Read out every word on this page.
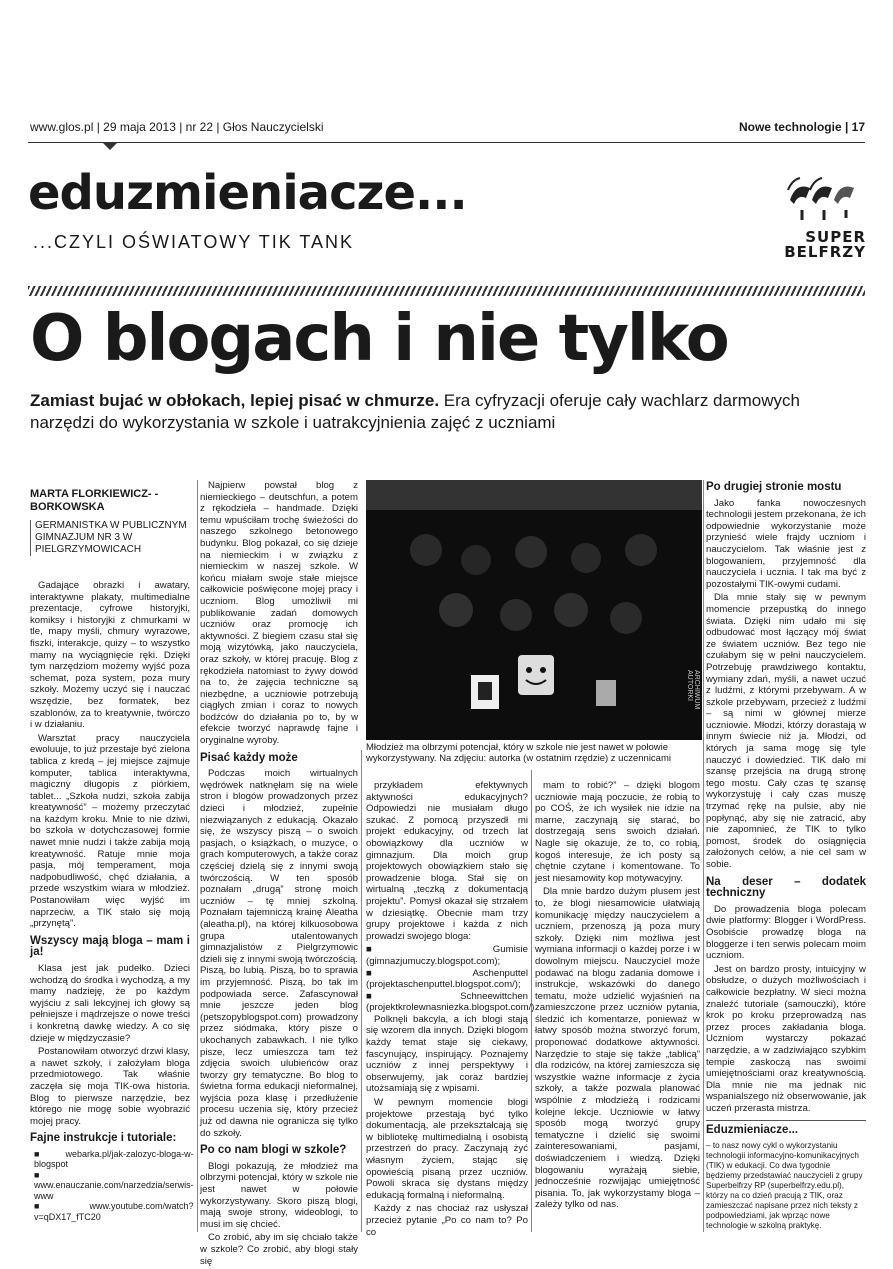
www.glos.pl | 29 maja 2013 | nr 22 | Głos Nauczycielski	Nowe technologie | 17
eduzmieniacze...
...CZYLI OŚWIATOWY TIK TANK	SUPER
BELFRZY
O blogach i nie tylko
Zamiast bujać w obłokach, lepiej pisać w chmurze. Era cyfryzacji oferuje cały wachlarz darmowych narzędzi do wykorzystania w szkole i uatrakcyjnienia zajęć z uczniami
MARTA FLORKIEWICZ- -BORKOWSKA
GERMANISTKA W PUBLICZNYM GIMNAZJUM NR 3 W PIELGRZYMOWICACH

Gadające obrazki i awatary, interaktywne plakaty, multimedialne prezentacje, cyfrowe historyjki, komiksy i historyjki z chmurkami w tle, mapy myśli, chmury wyrazowe, fiszki, interakcje, quizy – to wszystko mamy na wyciągnięcie ręki. Dzięki tym narzędziom możemy wyjść poza schemat, poza system, poza mury szkoły. Możemy uczyć się i nauczać wszędzie, bez formatek, bez szablonów, za to kreatywnie, twórczo i w działaniu.

Warsztat pracy nauczyciela ewoluuje, to już przestaje być zielona tablica z kredą – jej miejsce zajmuje komputer, tablica interaktywna, magiczny długopis z piórkiem, tablet... „Szkoła nudzi, szkoła zabija kreatywność” – możemy przeczytać na każdym kroku. Mnie to nie dziwi, bo szkoła w dotychczasowej formie nawet mnie nudzi i także zabija moją kreatywność. Ratuje mnie moja pasja, mój temperament, moja nadpobudliwość, chęć działania, a przede wszystkim wiara w młodzież. Postanowiłam więc wyjść im naprzeciw, a TIK stało się moją „przynętą”.

Wszyscy mają bloga – mam i ja!

Klasa jest jak pudełko. Dzieci wchodzą do środka i wychodzą, a my mamy nadzieję, że po każdym wyjściu z sali lekcyjnej ich głowy są pełniejsze i mądrzejsze o nowe treści i konkretną dawkę wiedzy. A co się dzieje w międzyczasie?

Postanowiłam otworzyć drzwi klasy, a nawet szkoły, i założyłam bloga przedmiotowego. Tak właśnie zaczęła się moja TIK-owa historia. Blog to pierwsze narzędzie, bez którego nie mogę sobie wyobrazić mojej pracy.

Fajne instrukcje i tutoriale:
■ webarka.pl/jak-zalozyc-bloga-w-blogspot
■ www.enauczanie.com/narzedzia/serwis-www
■ www.youtube.com/watch?v=qDX17_fTC20

Najpierw powstał blog z niemieckiego – deutschfun, a potem z rękodzieła – handmade. Dzięki temu wpuściłam trochę świeżości do naszego szkolnego betonowego budynku. Blog pokazał, co się dzieje na niemieckim i w związku z niemieckim w naszej szkole. W końcu miałam swoje stałe miejsce całkowicie poświęcone mojej pracy i uczniom. Blog umożliwił mi publikowanie zadań domowych uczniów oraz promocję ich aktywności. Z biegiem czasu stał się moją wizytówką, jako nauczyciela, oraz szkoły, w której pracuję. Blog z rękodzieła natomiast to żywy dowód na to, że zajęcia techniczne są niezbędne, a uczniowie potrzebują ciągłych zmian i coraz to nowych bodźców do działania po to, by w efekcie tworzyć naprawdę fajne i oryginalne wyroby.

Pisać każdy może

Podczas moich wirtualnych wędrówek natknęłam się na wiele stron i blogów prowadzonych przez dzieci i młodzież, zupełnie niezwiązanych z edukacją. Okazało się, że wszyscy piszą – o swoich pasjach, o książkach, o muzyce, o grach komputerowych, a także coraz częściej dzielą się z innymi swoją twórczością. W ten sposób poznałam „drugą” stronę moich uczniów – tę mniej szkolną. Poznałam tajemniczą krainę Aleatha (aleatha.pl), na której kilkuosobowa grupa utalentowanych gimnazjalistów z Pielgrzymowic dzieli się z innymi swoją twórczością. Piszą, bo lubią. Piszą, bo to sprawia im przyjemność. Piszą, bo tak im podpowiada serce. Zafascynował mnie jeszcze jeden blog (petszopyblogspot.com) prowadzony przez siódmaka, który pisze o ukochanych zabawkach. I nie tylko pisze, lecz umieszcza tam też zdjęcia swoich ulubieńców oraz tworzy gry tematyczne. Bo blog to świetna forma edukacji nieformalnej, wyjścia poza klasę i przedłużenie procesu uczenia się, który przecież już od dawna nie ogranicza się tylko do szkoły.

Po co nam blogi w szkole?

Blogi pokazują, że młodzież ma olbrzymi potencjał, który w szkole nie jest nawet w połowie wykorzystywany. Skoro piszą blogi, mają swoje strony, wideoblogi, to musi im się chcieć.

Co zrobić, aby im się chciało także w szkole? Co zrobić, aby blogi stały się

ARCHIWUM AUTORKI
Młodzież ma olbrzymi potencjał, który w szkole nie jest nawet w połowie wykorzystywany. Na zdjęciu: autorka (w ostatnim rzędzie) z uczennicami

przykładem efektywnych aktywności edukacyjnych? Odpowiedzi nie musiałam długo szukać. Z pomocą przyszedł mi projekt edukacyjny, od trzech lat obowiązkowy dla uczniów w gimnazjum. Dla moich grup projektowych obowiązkiem stało się prowadzenie bloga. Stał się on wirtualną „teczką z dokumentacją projektu”. Pomysł okazał się strzałem w dziesiątkę. Obecnie mam trzy grupy projektowe i każda z nich prowadzi swojego bloga:

■ Gumisie (gimnazjumuczy.blogspot.com);
■ Aschenputtel (projektaschenputtel.blogspot.com/);
■ Schneewittchen (projektkrolewnasniezka.blogspot.com/).

Polknęli bakcyla, a ich blogi stają się wzorem dla innych. Dzięki blogom każdy temat staje się ciekawy, fascynujący, inspirujący. Poznajemy uczniów z innej perspektywy i obserwujemy, jak coraz bardziej utożsamiają się z wpisami.

W pewnym momencie blogi projektowe przestają być tylko dokumentacją, ale przekształcają się w bibliotekę multimedialną i osobistą przestrzeń do pracy. Zaczynają żyć własnym życiem, stając się opowieścią pisaną przez uczniów. Powoli skraca się dystans między edukacją formalną i nieformalną.

Każdy z nas chociaż raz usłyszał przecież pytanie „Po co nam to? Po co

mam to robić?” – dzięki blogom uczniowie mają poczucie, że robią to po COŚ, że ich wysiłek nie idzie na marne, zaczynają się starać, bo dostrzegają sens swoich działań. Nagle się okazuje, że to, co robią, kogoś interesuje, że ich posty są chętnie czytane i komentowane. To jest niesamowity kop motywacyjny.

Dla mnie bardzo dużym plusem jest to, że blogi niesamowicie ułatwiają komunikację między nauczycielem a uczniem, przenoszą ją poza mury szkoły. Dzięki nim możliwa jest wymiana informacji o każdej porze i w dowolnym miejscu. Nauczyciel może podawać na blogu zadania domowe i instrukcje, wskazówki do danego tematu, może udzielić wyjaśnień na zamieszczone przez uczniów pytania, śledzić ich komentarze, ponieważ w łatwy sposób można stworzyć forum, proponować dodatkowe aktywności. Narzędzie to staje się także „tablicą” dla rodziców, na której zamieszcza się wszystkie ważne informacje z życia szkoły, a także pozwala planować wspólnie z młodzieżą i rodzicami kolejne lekcje. Uczniowie w łatwy sposób mogą tworzyć grupy tematyczne i dzielić się swoimi zainteresowaniami, pasjami, doświadczeniem i wiedzą. Dzięki blogowaniu wyrażają siebie, jednocześnie rozwijając umiejętność pisania. To, jak wykorzystamy bloga – zależy tylko od nas.

Po drugiej stronie mostu

Jako fanka nowoczesnych technologii jestem przekonana, że ich odpowiednie wykorzystanie może przynieść wiele frajdy uczniom i nauczycielom. Tak właśnie jest z blogowaniem, przyjemność dla nauczyciela i ucznia. I tak ma być z pozostałymi TIK-owymi cudami.

Dla mnie stały się w pewnym momencie przepustką do innego świata. Dzięki nim udało mi się odbudować most łączący mój świat ze światem uczniów. Bez tego nie czułabym się w pełni nauczycielem. Potrzebuję prawdziwego kontaktu, wymiany zdań, myśli, a nawet uczuć z ludźmi, z którymi przebywam. A w szkole przebywam, przecież z ludźmi – są nimi w głównej mierze uczniowie. Młodzi, którzy dorastają w innym świecie niż ja. Młodzi, od których ja sama mogę się tyle nauczyć i dowiedzieć. TIK dało mi szansę przejścia na drugą stronę tego mostu. Cały czas tę szansę wykorzystuję i cały czas muszę trzymać rękę na pulsie, aby nie popłynąć, aby się nie zatracić, aby nie zapomnieć, że TIK to tylko pomost, środek do osiągnięcia założonych celów, a nie cel sam w sobie.

Na deser – dodatek techniczny

Do prowadzenia bloga polecam dwie platformy: Blogger i WordPress. Osobiście prowadzę bloga na bloggerze i ten serwis polecam moim uczniom.

Jest on bardzo prosty, intuicyjny w obsłudze, o dużych możliwościach i całkowicie bezpłatny. W sieci można znaleźć tutoriale (samouczki), które krok po kroku przeprowadzą nas przez proces zakładania bloga. Uczniom wystarczy pokazać narzędzie, a w zadziwiająco szybkim tempie zaskoczą nas swoimi umiejętnościami oraz kreatywnością. Dla mnie nie ma jednak nic wspanialszego niż obserwowanie, jak uczeń przerasta mistrza.

Eduzmieniacze...
– to nasz nowy cykl o wykorzystaniu technologii informacyjno-komunikacyjnych (TIK) w edukacji. Co dwa tygodnie będziemy przedstawiać nauczycieli z grupy Superbelfrzy RP (superbelfrzy.edu.pl), którzy na co dzień pracują z TIK, oraz zamieszczać napisane przez nich teksty z podpowiedziami, jak wprząc nowe technologie w szkolną praktykę.
